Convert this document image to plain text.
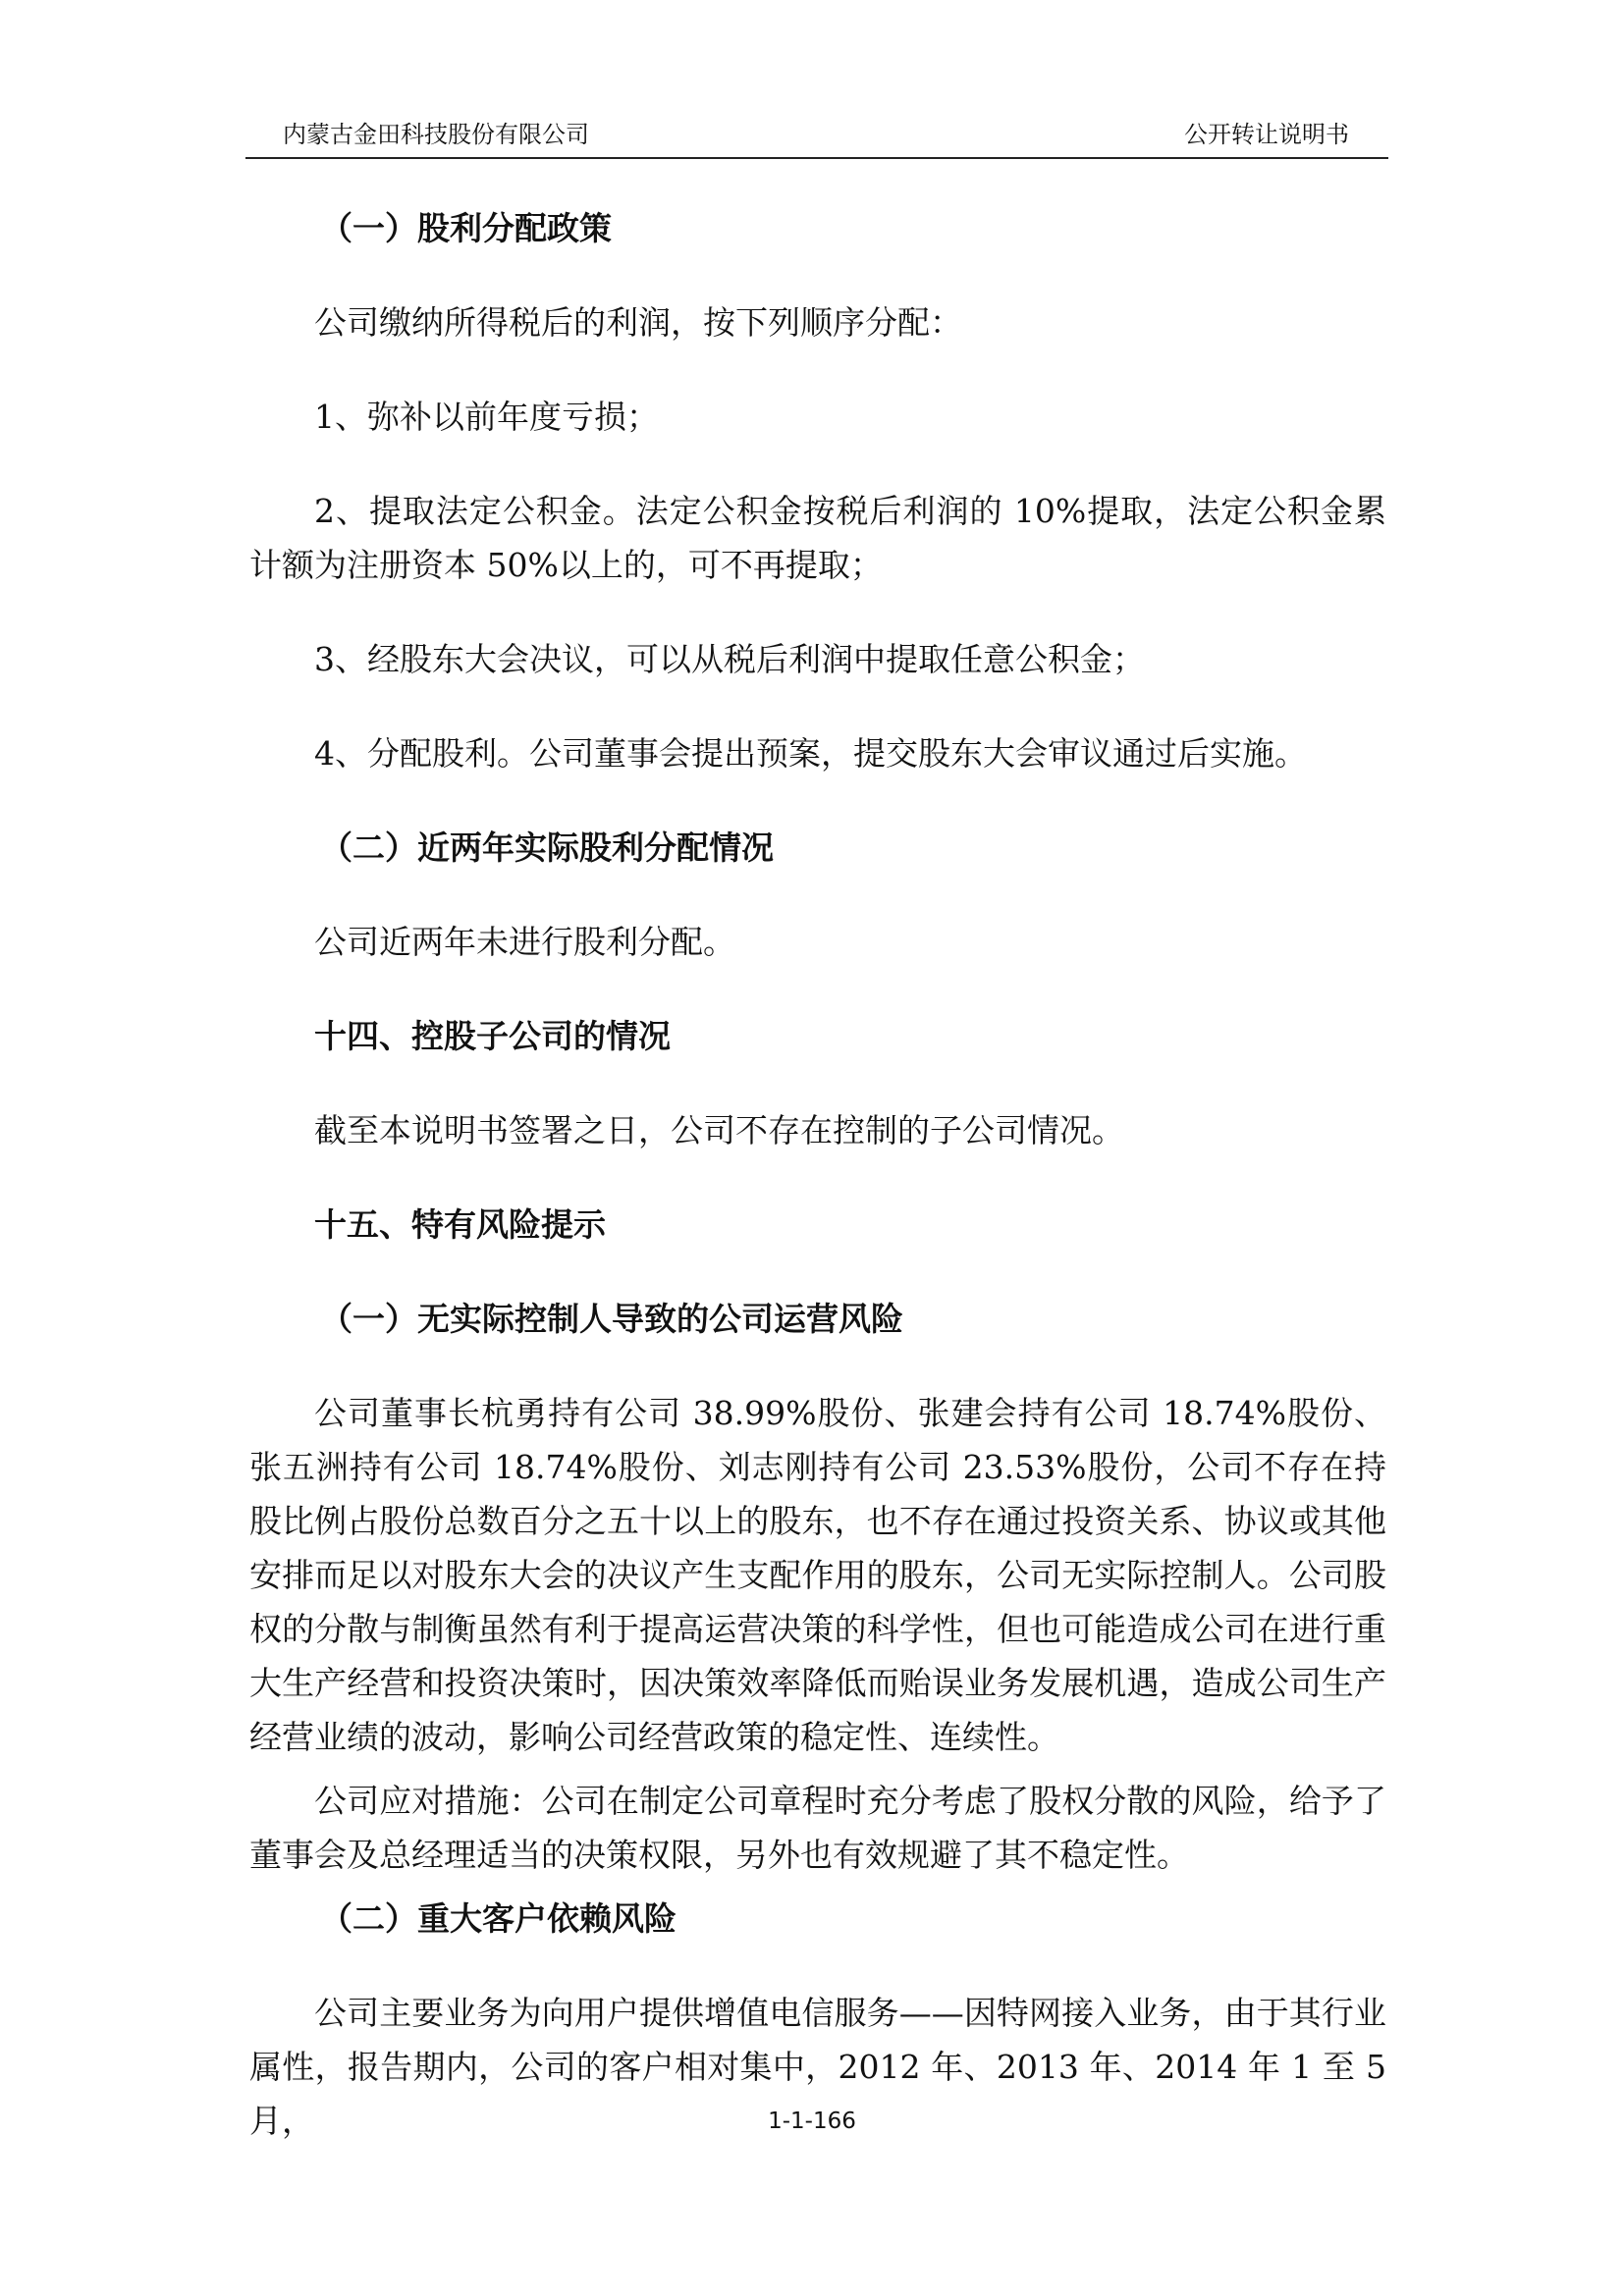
内蒙古金田科技股份有限公司	公开转让说明书

（一）股利分配政策

公司缴纳所得税后的利润，按下列顺序分配：

1、弥补以前年度亏损；

2、提取法定公积金。法定公积金按税后利润的 10%提取，法定公积金累计额为注册资本 50%以上的，可不再提取；

3、经股东大会决议，可以从税后利润中提取任意公积金；

4、分配股利。公司董事会提出预案，提交股东大会审议通过后实施。

（二）近两年实际股利分配情况

公司近两年未进行股利分配。

十四、控股子公司的情况

截至本说明书签署之日，公司不存在控制的子公司情况。

十五、特有风险提示

（一）无实际控制人导致的公司运营风险

公司董事长杭勇持有公司 38.99%股份、张建会持有公司 18.74%股份、张五洲持有公司 18.74%股份、刘志刚持有公司 23.53%股份，公司不存在持股比例占股份总数百分之五十以上的股东，也不存在通过投资关系、协议或其他安排而足以对股东大会的决议产生支配作用的股东，公司无实际控制人。公司股权的分散与制衡虽然有利于提高运营决策的科学性，但也可能造成公司在进行重大生产经营和投资决策时，因决策效率降低而贻误业务发展机遇，造成公司生产经营业绩的波动，影响公司经营政策的稳定性、连续性。

公司应对措施：公司在制定公司章程时充分考虑了股权分散的风险，给予了董事会及总经理适当的决策权限，另外也有效规避了其不稳定性。

（二）重大客户依赖风险

公司主要业务为向用户提供增值电信服务——因特网接入业务，由于其行业属性，报告期内，公司的客户相对集中，2012 年、2013 年、2014 年 1 至 5 月，	1-1-166
